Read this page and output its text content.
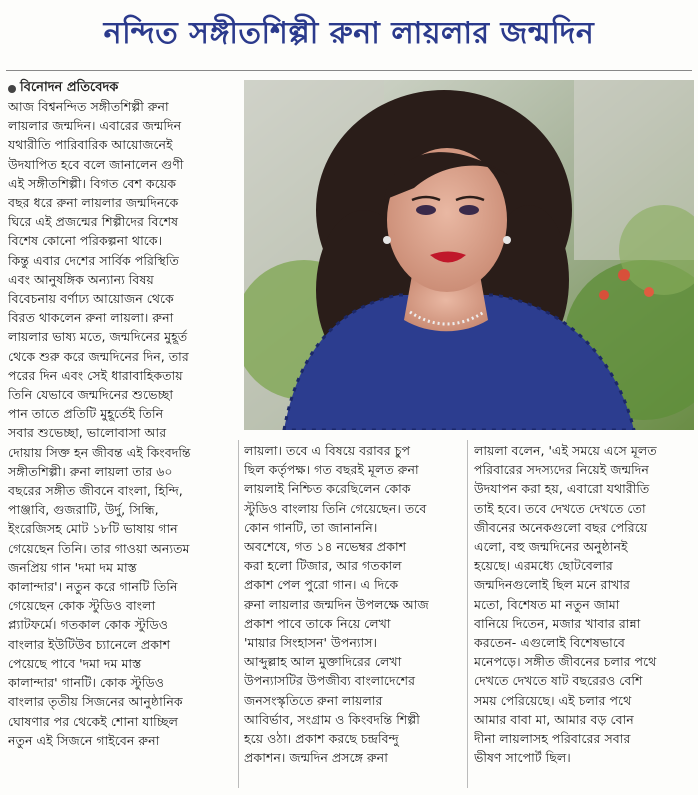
নন্দিত সঙ্গীতশিল্পী রুনা লায়লার জন্মদিন
বিনোদন প্রতিবেদক
আজ বিশ্বনন্দিত সঙ্গীতশিল্পী রুনা
লায়লার জন্মদিন। এবারের জন্মদিন
যথারীতি পারিবারিক আয়োজনেই
উদযাপিত হবে বলে জানালেন গুণী
এই সঙ্গীতশিল্পী। বিগত বেশ কয়েক
বছর ধরে রুনা লায়লার জন্মদিনকে
ঘিরে এই প্রজন্মের শিল্পীদের বিশেষ
বিশেষ কোনো পরিকল্পনা থাকে।
কিন্তু এবার দেশের সার্বিক পরিস্থিতি
এবং আনুষঙ্গিক অন্যান্য বিষয়
বিবেচনায় বর্ণাঢ্য আয়োজন থেকে
বিরত থাকলেন রুনা লায়লা। রুনা
লায়লার ভাষ্য মতে, জন্মদিনের মুহূর্ত
থেকে শুরু করে জন্মদিনের দিন, তার
পরের দিন এবং সেই ধারাবাহিকতায়
তিনি যেভাবে জন্মদিনের শুভেচ্ছা
পান তাতে প্রতিটি মুহূর্তেই তিনি
সবার শুভেচ্ছা, ভালোবাসা আর
দোয়ায় সিক্ত হন জীবন্ত এই কিংবদন্তি
সঙ্গীতশিল্পী। রুনা লায়লা তার ৬০
বছরের সঙ্গীত জীবনে বাংলা, হিন্দি,
পাঞ্জাবি, গুজরাটি, উর্দু, সিন্ধি,
ইংরেজিসহ মোট ১৮টি ভাষায় গান
গেয়েছেন তিনি। তার গাওয়া অন্যতম
জনপ্রিয় গান 'দমা দম মাস্ত
কালান্দার'। নতুন করে গানটি তিনি
গেয়েছেন কোক স্টুডিও বাংলা
প্ল্যাটফর্মে। গতকাল কোক স্টুডিও
বাংলার ইউটিউব চ্যানেলে প্রকাশ
পেয়েছে পাবে 'দমা দম মাস্ত
কালান্দার' গানটি। কোক স্টুডিও
বাংলার তৃতীয় সিজনের আনুষ্ঠানিক
ঘোষণার পর থেকেই শোনা যাচ্ছিল
নতুন এই সিজনে গাইবেন রুনা
লায়লা। তবে এ বিষয়ে বরাবর চুপ
ছিল কর্তৃপক্ষ। গত বছরই মূলত রুনা
লায়লাই নিশ্চিত করেছিলেন কোক
স্টুডিও বাংলায় তিনি গেয়েছেন। তবে
কোন গানটি, তা জানাননি।
অবশেষে, গত ১৪ নভেম্বর প্রকাশ
করা হলো টিজার, আর গতকাল
প্রকাশ পেল পুরো গান। এ দিকে
রুনা লায়লার জন্মদিন উপলক্ষে আজ
প্রকাশ পাবে তাকে নিয়ে লেখা
'মায়ার সিংহাসন' উপন্যাস।
আব্দুল্লাহ আল মুক্তাদিরের লেখা
উপন্যাসটির উপজীব্য বাংলাদেশের
জনসংস্কৃতিতে রুনা লায়লার
আবির্ভাব, সংগ্রাম ও কিংবদন্তি শিল্পী
হয়ে ওঠা। প্রকাশ করছে চন্দ্রবিন্দু
প্রকাশন। জন্মদিন প্রসঙ্গে রুনা
লায়লা বলেন, 'এই সময়ে এসে মূলত
পরিবারের সদস্যদের নিয়েই জন্মদিন
উদযাপন করা হয়, এবারো যথারীতি
তাই হবে। তবে দেখতে দেখতে তো
জীবনের অনেকগুলো বছর পেরিয়ে
এলো, বহু জন্মদিনের অনুষ্ঠানই
হয়েছে। এরমধ্যে ছোটবেলার
জন্মদিনগুলোই ছিল মনে রাখার
মতো, বিশেষত মা নতুন জামা
বানিয়ে দিতেন, মজার খাবার রান্না
করতেন- এগুলোই বিশেষভাবে
মনেপড়ে। সঙ্গীত জীবনের চলার পথে
দেখতে দেখতে ষাট বছরেরও বেশি
সময় পেরিয়েছে। এই চলার পথে
আমার বাবা মা, আমার বড় বোন
দীনা লায়লাসহ পরিবারের সবার
ভীষণ সাপোর্ট ছিল।
